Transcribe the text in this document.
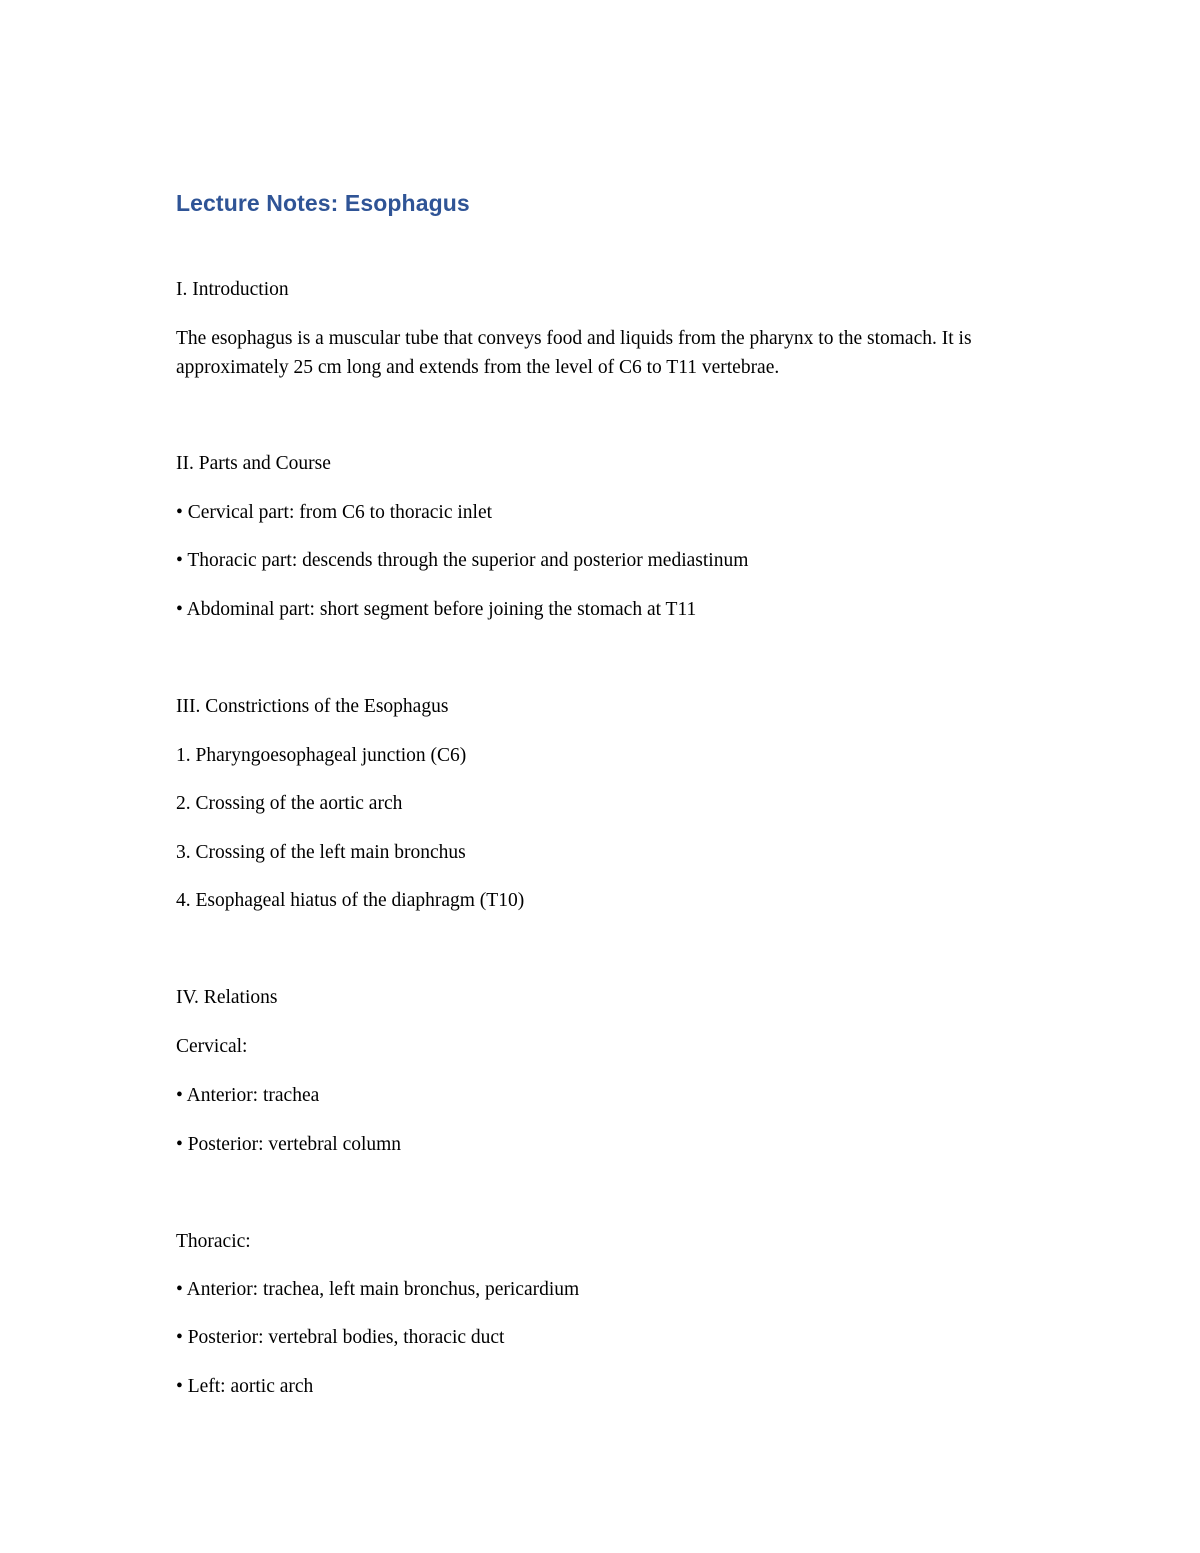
Lecture Notes: Esophagus

I. Introduction

The esophagus is a muscular tube that conveys food and liquids from the pharynx to the stomach. It is approximately 25 cm long and extends from the level of C6 to T11 vertebrae.

II. Parts and Course

• Cervical part: from C6 to thoracic inlet

• Thoracic part: descends through the superior and posterior mediastinum

• Abdominal part: short segment before joining the stomach at T11

III. Constrictions of the Esophagus

1. Pharyngoesophageal junction (C6)

2. Crossing of the aortic arch

3. Crossing of the left main bronchus

4. Esophageal hiatus of the diaphragm (T10)

IV. Relations

Cervical:

• Anterior: trachea

• Posterior: vertebral column

Thoracic:

• Anterior: trachea, left main bronchus, pericardium

• Posterior: vertebral bodies, thoracic duct

• Left: aortic arch
